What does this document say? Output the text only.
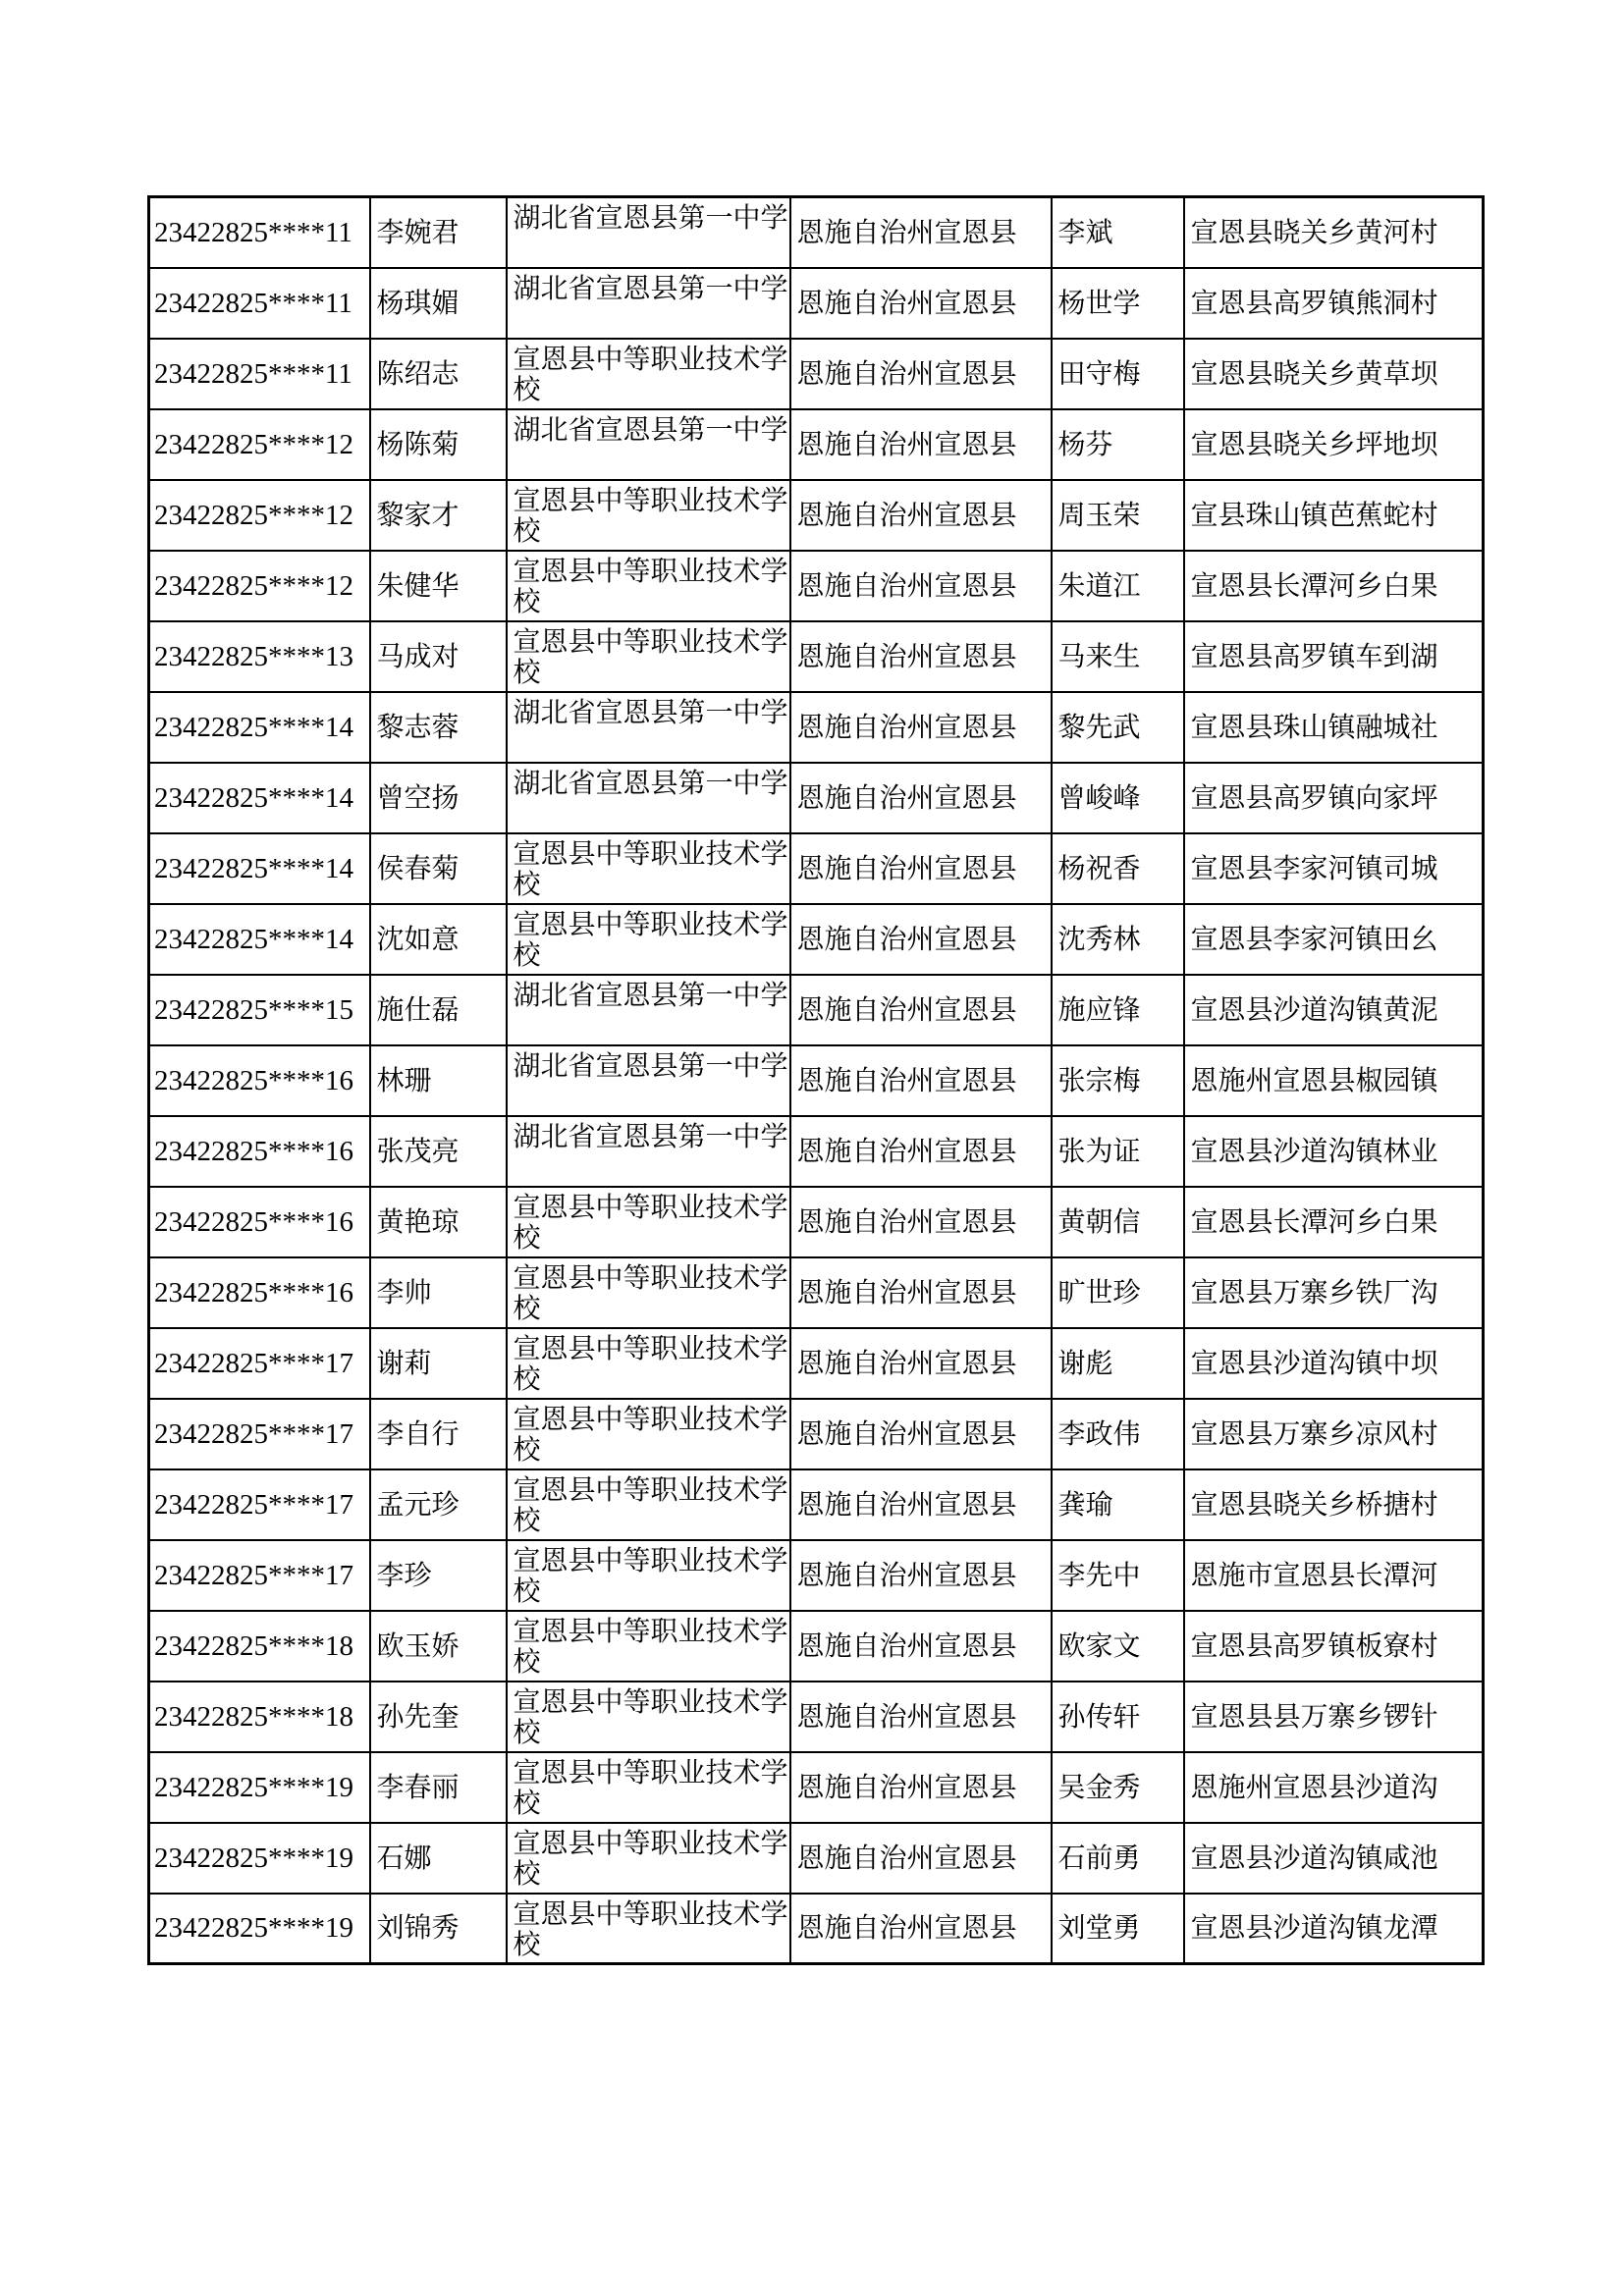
23422825****11	李婉君	湖北省宣恩县第一中学	恩施自治州宣恩县	李斌	宣恩县晓关乡黄河村
23422825****11	杨琪媚	湖北省宣恩县第一中学	恩施自治州宣恩县	杨世学	宣恩县高罗镇熊洞村
23422825****11	陈绍志	宣恩县中等职业技术学校	恩施自治州宣恩县	田守梅	宣恩县晓关乡黄草坝
23422825****12	杨陈菊	湖北省宣恩县第一中学	恩施自治州宣恩县	杨芬	宣恩县晓关乡坪地坝
23422825****12	黎家才	宣恩县中等职业技术学校	恩施自治州宣恩县	周玉荣	宣县珠山镇芭蕉蛇村
23422825****12	朱健华	宣恩县中等职业技术学校	恩施自治州宣恩县	朱道江	宣恩县长潭河乡白果
23422825****13	马成对	宣恩县中等职业技术学校	恩施自治州宣恩县	马来生	宣恩县高罗镇车到湖
23422825****14	黎志蓉	湖北省宣恩县第一中学	恩施自治州宣恩县	黎先武	宣恩县珠山镇融城社
23422825****14	曾空扬	湖北省宣恩县第一中学	恩施自治州宣恩县	曾峻峰	宣恩县高罗镇向家坪
23422825****14	侯春菊	宣恩县中等职业技术学校	恩施自治州宣恩县	杨祝香	宣恩县李家河镇司城
23422825****14	沈如意	宣恩县中等职业技术学校	恩施自治州宣恩县	沈秀林	宣恩县李家河镇田幺
23422825****15	施仕磊	湖北省宣恩县第一中学	恩施自治州宣恩县	施应锋	宣恩县沙道沟镇黄泥
23422825****16	林珊	湖北省宣恩县第一中学	恩施自治州宣恩县	张宗梅	恩施州宣恩县椒园镇
23422825****16	张茂亮	湖北省宣恩县第一中学	恩施自治州宣恩县	张为证	宣恩县沙道沟镇林业
23422825****16	黄艳琼	宣恩县中等职业技术学校	恩施自治州宣恩县	黄朝信	宣恩县长潭河乡白果
23422825****16	李帅	宣恩县中等职业技术学校	恩施自治州宣恩县	旷世珍	宣恩县万寨乡铁厂沟
23422825****17	谢莉	宣恩县中等职业技术学校	恩施自治州宣恩县	谢彪	宣恩县沙道沟镇中坝
23422825****17	李自行	宣恩县中等职业技术学校	恩施自治州宣恩县	李政伟	宣恩县万寨乡凉风村
23422825****17	孟元珍	宣恩县中等职业技术学校	恩施自治州宣恩县	龚瑜	宣恩县晓关乡桥搪村
23422825****17	李珍	宣恩县中等职业技术学校	恩施自治州宣恩县	李先中	恩施市宣恩县长潭河
23422825****18	欧玉娇	宣恩县中等职业技术学校	恩施自治州宣恩县	欧家文	宣恩县高罗镇板寮村
23422825****18	孙先奎	宣恩县中等职业技术学校	恩施自治州宣恩县	孙传轩	宣恩县县万寨乡锣针
23422825****19	李春丽	宣恩县中等职业技术学校	恩施自治州宣恩县	吴金秀	恩施州宣恩县沙道沟
23422825****19	石娜	宣恩县中等职业技术学校	恩施自治州宣恩县	石前勇	宣恩县沙道沟镇咸池
23422825****19	刘锦秀	宣恩县中等职业技术学校	恩施自治州宣恩县	刘堂勇	宣恩县沙道沟镇龙潭
